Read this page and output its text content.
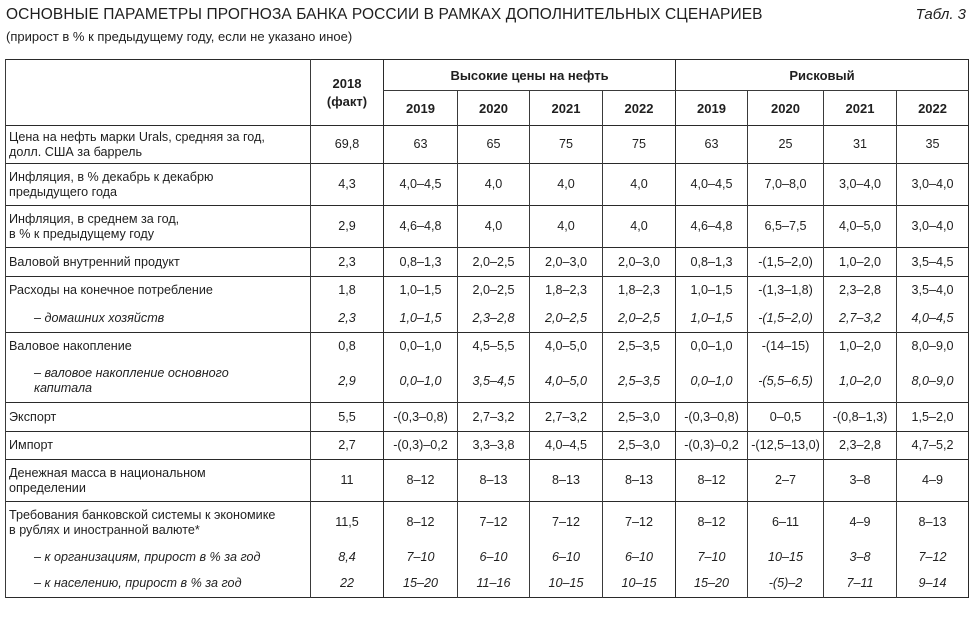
ОСНОВНЫЕ ПАРАМЕТРЫ ПРОГНОЗА БАНКА РОССИИ В РАМКАХ ДОПОЛНИТЕЛЬНЫХ СЦЕНАРИЕВ	Табл. 3
(прирост в % к предыдущему году, если не указано иное)
	2018
(факт)	Высокие цены на нефть				Рисковый			
		2019	2020	2021	2022	2019	2020	2021	2022
Цена на нефть марки Urals, средняя за год,
долл. США за баррель	69,8	63	65	75	75	63	25	31	35
Инфляция, в % декабрь к декабрю
предыдущего года	4,3	4,0–4,5	4,0	4,0	4,0	4,0–4,5	7,0–8,0	3,0–4,0	3,0–4,0
Инфляция, в среднем за год,
в % к предыдущему году	2,9	4,6–4,8	4,0	4,0	4,0	4,6–4,8	6,5–7,5	4,0–5,0	3,0–4,0
Валовой внутренний продукт	2,3	0,8–1,3	2,0–2,5	2,0–3,0	2,0–3,0	0,8–1,3	-(1,5–2,0)	1,0–2,0	3,5–4,5
Расходы на конечное потребление	1,8	1,0–1,5	2,0–2,5	1,8–2,3	1,8–2,3	1,0–1,5	-(1,3–1,8)	2,3–2,8	3,5–4,0
– домашних хозяйств	2,3	1,0–1,5	2,3–2,8	2,0–2,5	2,0–2,5	1,0–1,5	-(1,5–2,0)	2,7–3,2	4,0–4,5
Валовое накопление	0,8	0,0–1,0	4,5–5,5	4,0–5,0	2,5–3,5	0,0–1,0	-(14–15)	1,0–2,0	8,0–9,0
– валовое накопление основного
капитала	2,9	0,0–1,0	3,5–4,5	4,0–5,0	2,5–3,5	0,0–1,0	-(5,5–6,5)	1,0–2,0	8,0–9,0
Экспорт	5,5	-(0,3–0,8)	2,7–3,2	2,7–3,2	2,5–3,0	-(0,3–0,8)	0–0,5	-(0,8–1,3)	1,5–2,0
Импорт	2,7	-(0,3)–0,2	3,3–3,8	4,0–4,5	2,5–3,0	-(0,3)–0,2	-(12,5–13,0)	2,3–2,8	4,7–5,2
Денежная масса в национальном
определении	11	8–12	8–13	8–13	8–13	8–12	2–7	3–8	4–9
Требования банковской системы к экономике
в рублях и иностранной валюте*	11,5	8–12	7–12	7–12	7–12	8–12	6–11	4–9	8–13
– к организациям, прирост в % за год	8,4	7–10	6–10	6–10	6–10	7–10	10–15	3–8	7–12
– к населению, прирост в % за год	22	15–20	11–16	10–15	10–15	15–20	-(5)–2	7–11	9–14
